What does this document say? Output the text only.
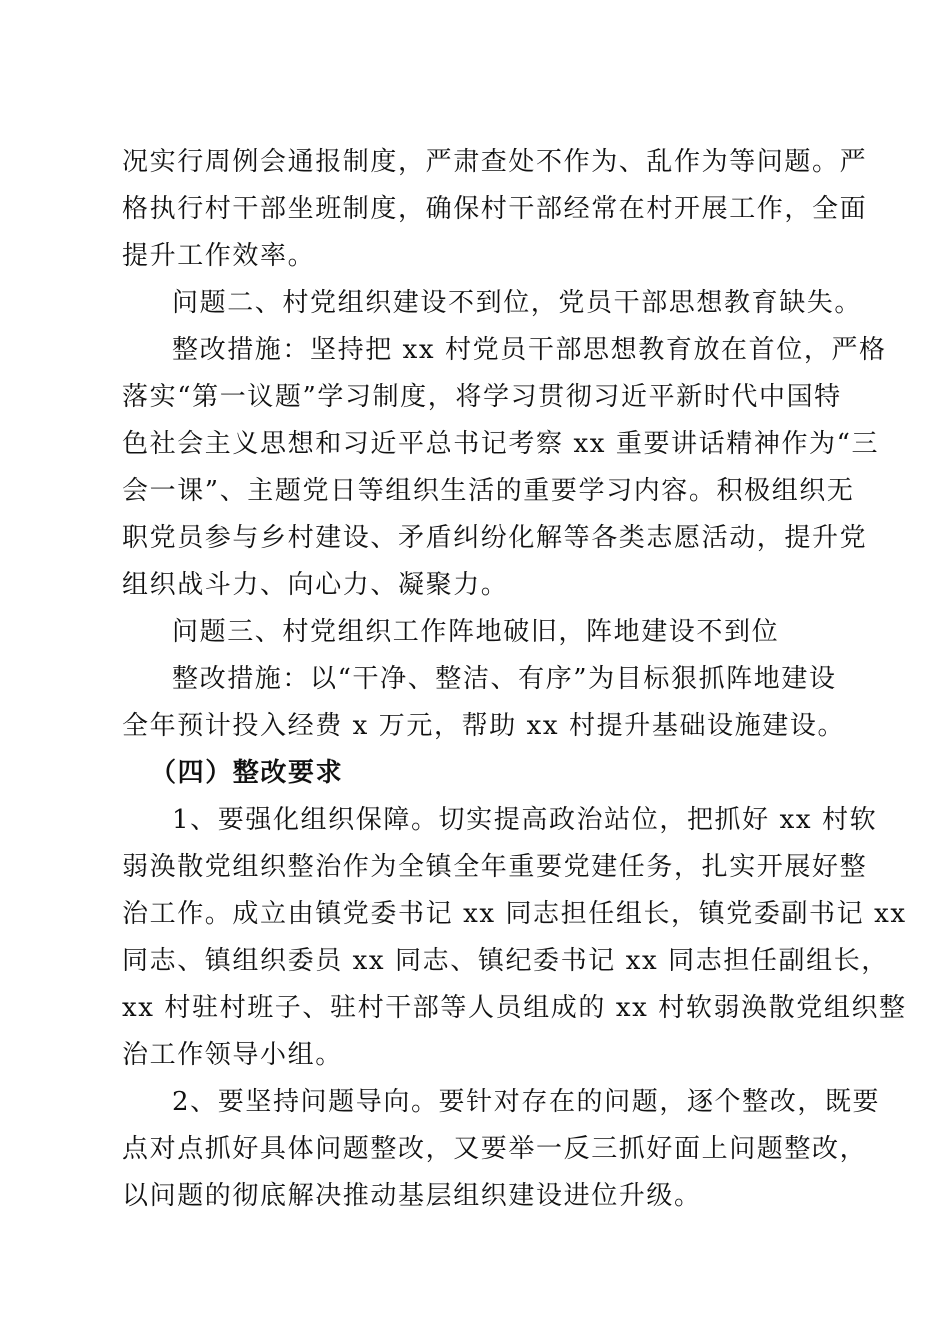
况实行周例会通报制度，严肃查处不作为、乱作为等问题。严
格执行村干部坐班制度，确保村干部经常在村开展工作，全面
提升工作效率。
问题二、村党组织建设不到位，党员干部思想教育缺失。
整改措施：坚持把 xx 村党员干部思想教育放在首位，严格
落实“第一议题”学习制度，将学习贯彻习近平新时代中国特
色社会主义思想和习近平总书记考察 xx 重要讲话精神作为“三
会一课”、主题党日等组织生活的重要学习内容。积极组织无
职党员参与乡村建设、矛盾纠纷化解等各类志愿活动，提升党
组织战斗力、向心力、凝聚力。
问题三、村党组织工作阵地破旧，阵地建设不到位
整改措施：以“干净、整洁、有序”为目标狠抓阵地建设
全年预计投入经费 x 万元，帮助 xx 村提升基础设施建设。
（四）整改要求
1、要强化组织保障。切实提高政治站位，把抓好 xx 村软
弱涣散党组织整治作为全镇全年重要党建任务，扎实开展好整
治工作。成立由镇党委书记 xx 同志担任组长，镇党委副书记 xx
同志、镇组织委员 xx 同志、镇纪委书记 xx 同志担任副组长，
xx 村驻村班子、驻村干部等人员组成的 xx 村软弱涣散党组织整
治工作领导小组。
2、要坚持问题导向。要针对存在的问题，逐个整改，既要
点对点抓好具体问题整改，又要举一反三抓好面上问题整改，
以问题的彻底解决推动基层组织建设进位升级。
